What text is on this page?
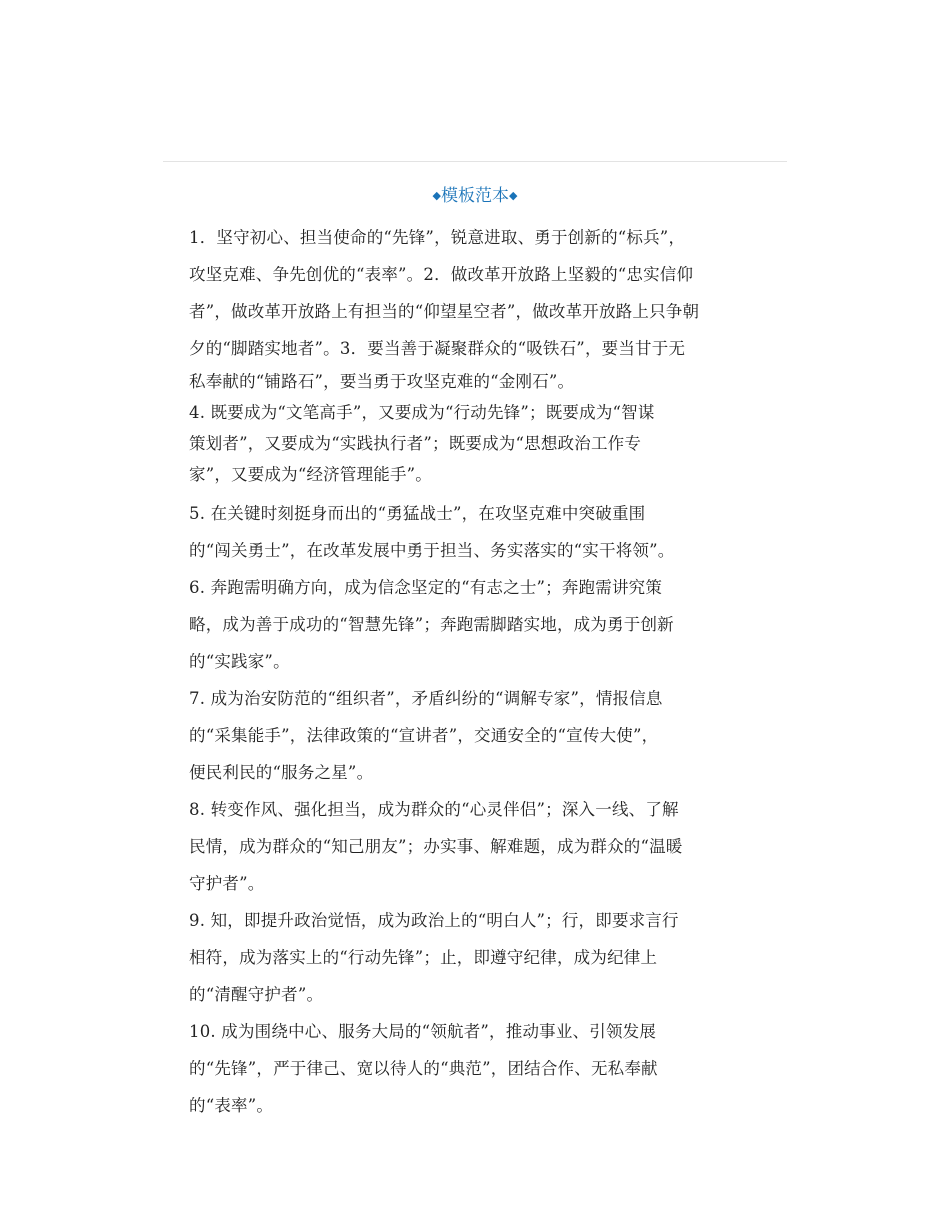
◆模板范本◆
1．坚守初心、担当使命的“先锋”，锐意进取、勇于创新的“标兵”，
攻坚克难、争先创优的“表率”。2．做改革开放路上坚毅的“忠实信仰
者”，做改革开放路上有担当的“仰望星空者”，做改革开放路上只争朝
夕的“脚踏实地者”。3．要当善于凝聚群众的“吸铁石”，要当甘于无
私奉献的“铺路石”，要当勇于攻坚克难的“金刚石”。
4. 既要成为“文笔高手”，又要成为“行动先锋”；既要成为“智谋
策划者”，又要成为“实践执行者”；既要成为“思想政治工作专
家”，又要成为“经济管理能手”。
5. 在关键时刻挺身而出的“勇猛战士”，在攻坚克难中突破重围
的“闯关勇士”，在改革发展中勇于担当、务实落实的“实干将领”。
6. 奔跑需明确方向，成为信念坚定的“有志之士”；奔跑需讲究策
略，成为善于成功的“智慧先锋”；奔跑需脚踏实地，成为勇于创新
的“实践家”。
7. 成为治安防范的“组织者”，矛盾纠纷的“调解专家”，情报信息
的“采集能手”，法律政策的“宣讲者”，交通安全的“宣传大使”，
便民利民的“服务之星”。
8. 转变作风、强化担当，成为群众的“心灵伴侣”；深入一线、了解
民情，成为群众的“知己朋友”；办实事、解难题，成为群众的“温暖
守护者”。
9. 知，即提升政治觉悟，成为政治上的“明白人”；行，即要求言行
相符，成为落实上的“行动先锋”；止，即遵守纪律，成为纪律上
的“清醒守护者”。
10. 成为围绕中心、服务大局的“领航者”，推动事业、引领发展
的“先锋”，严于律己、宽以待人的“典范”，团结合作、无私奉献
的“表率”。
